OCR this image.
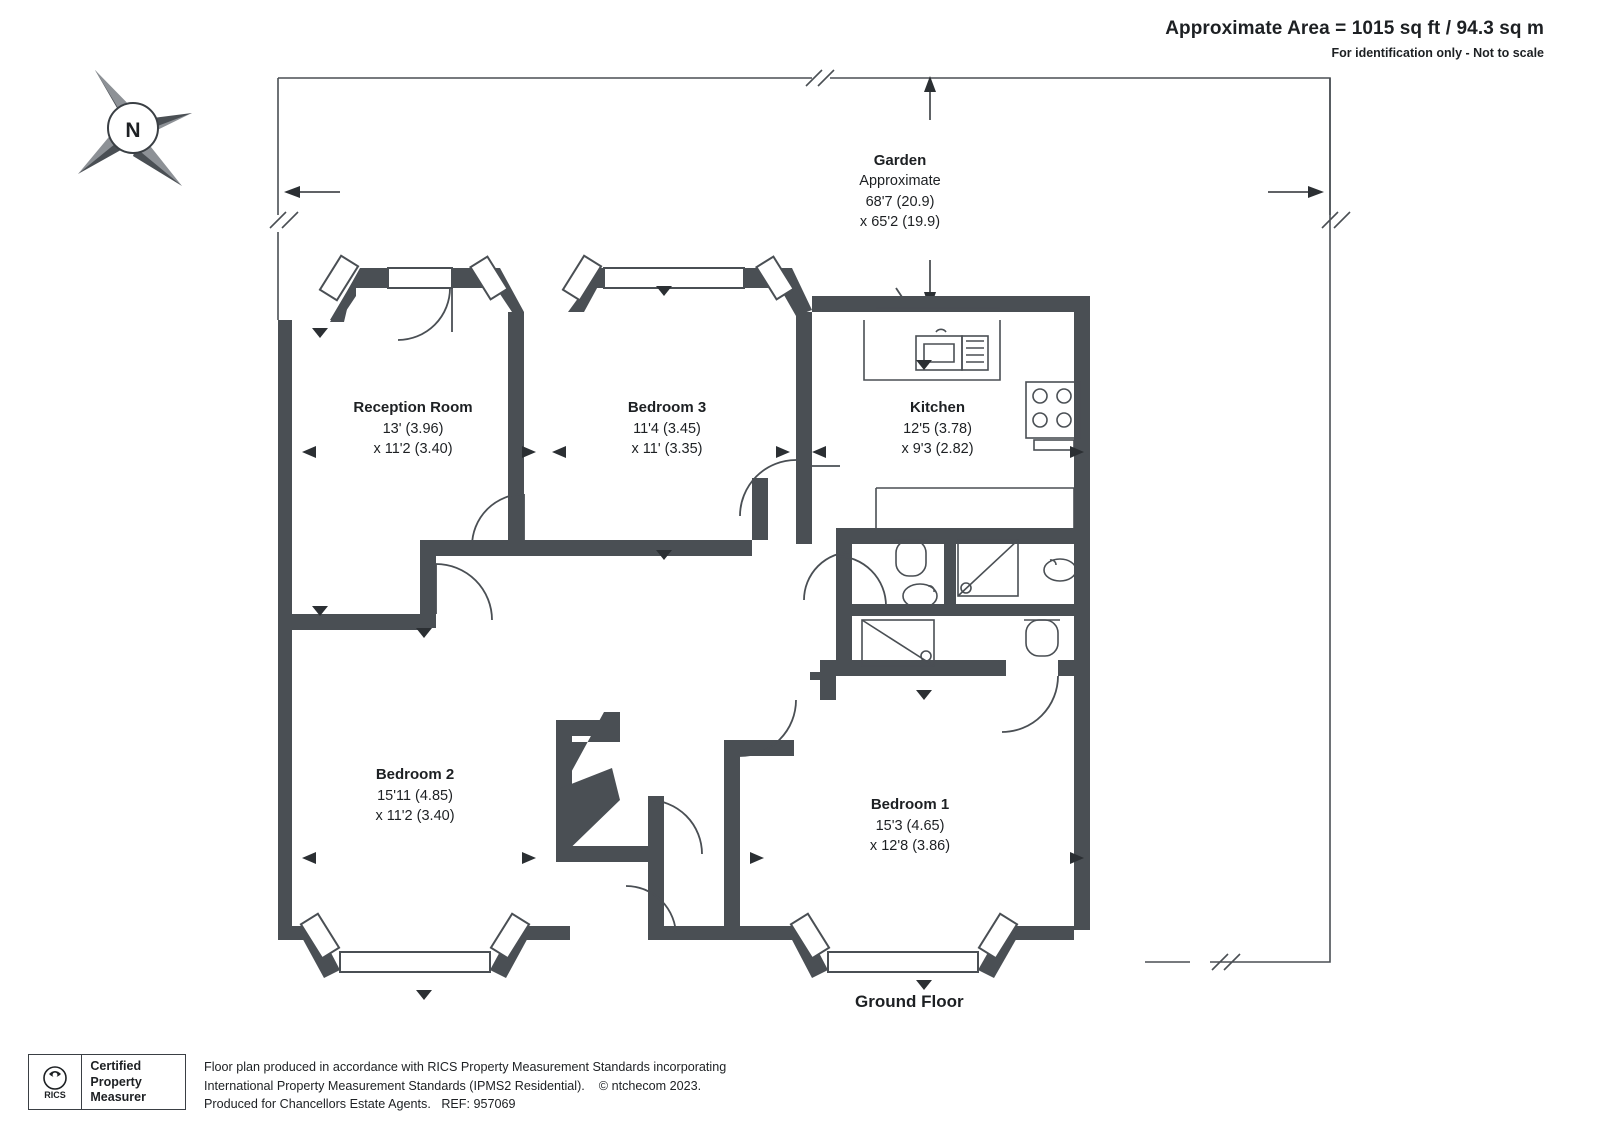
Approximate Area = 1015 sq ft / 94.3 sq m
For identification only - Not to scale
N
Garden
Approximate
68'7 (20.9)
x 65'2 (19.9)
Reception Room
13' (3.96)
x 11'2 (3.40)
Bedroom 3
11'4 (3.45)
x 11' (3.35)
Kitchen
12'5 (3.78)
x 9'3 (2.82)
Bedroom 2
15'11 (4.85)
x 11'2 (3.40)
Bedroom 1
15'3 (4.65)
x 12'8 (3.86)
Ground Floor
RICS
Certified
Property
Measurer
Floor plan produced in accordance with RICS Property Measurement Standards incorporating
International Property Measurement Standards (IPMS2 Residential).    © ntchecom 2023.
Produced for Chancellors Estate Agents.   REF: 957069
